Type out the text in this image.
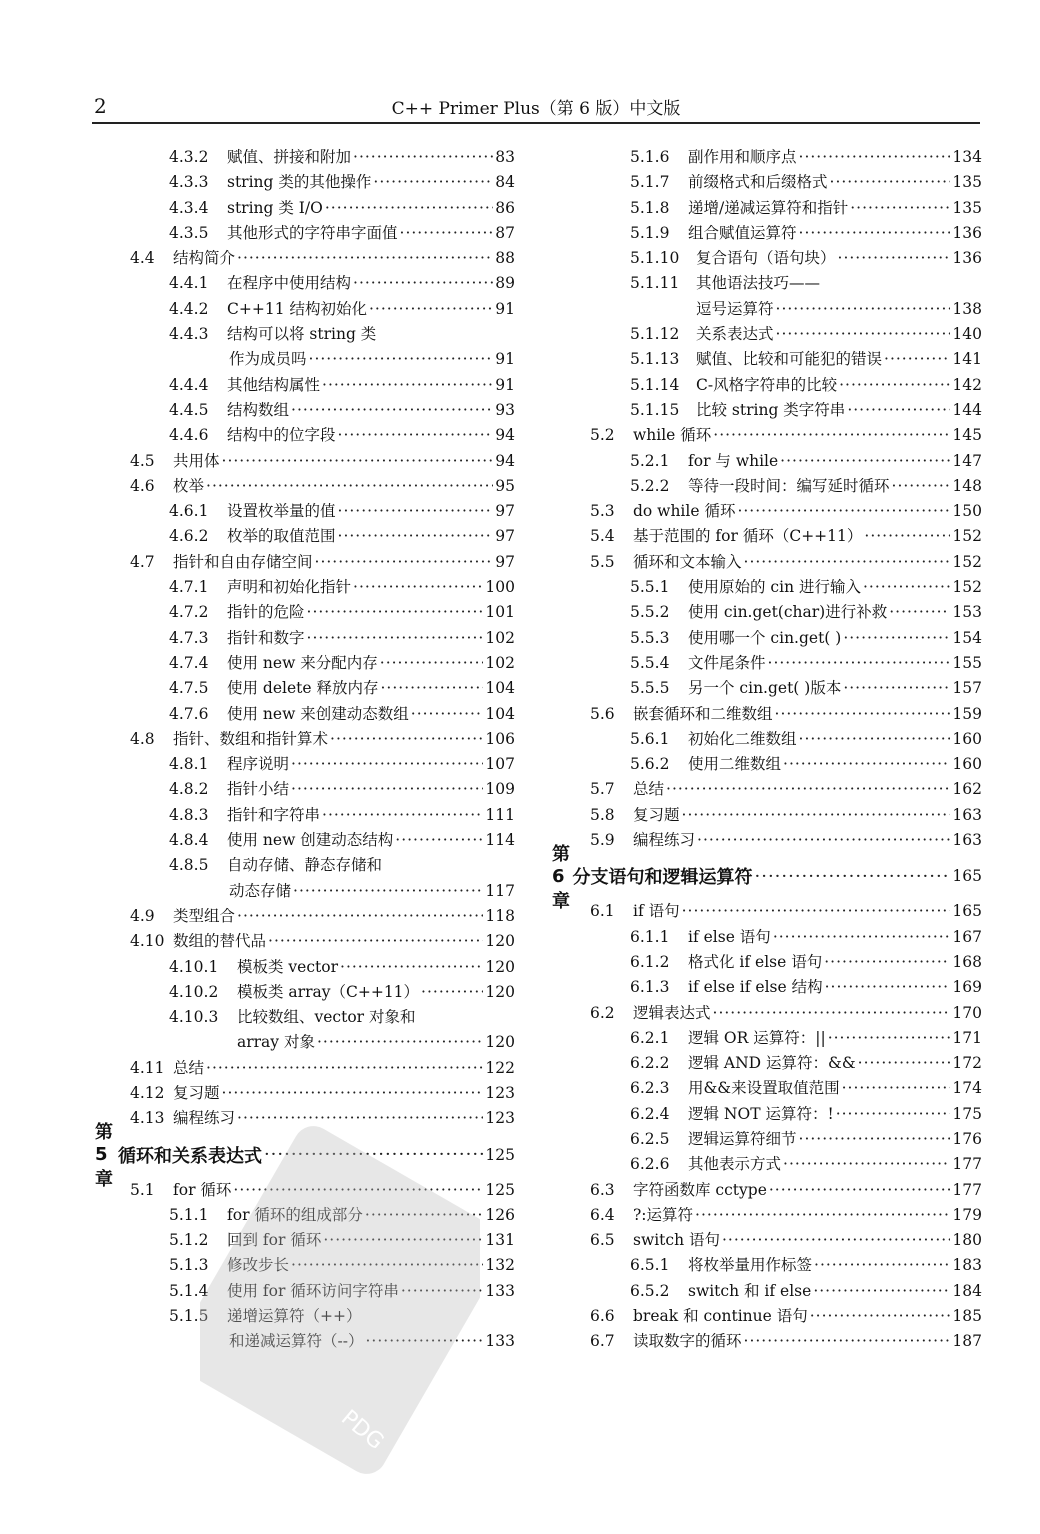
2	C++ Primer Plus（第 6 版）中文版
4.3.2	赋值、拼接和附加 ·····	83
4.3.3	string 类的其他操作 ·····	84
4.3.4	string 类 I/O ·····	86
4.3.5	其他形式的字符串字面值 ·····	87
4.4	结构简介 ·····	88
4.4.1	在程序中使用结构 ·····	89
4.4.2	C++11 结构初始化 ·····	91
4.4.3	结构可以将 string 类
作为成员吗 ·····	91
4.4.4	其他结构属性 ·····	91
4.4.5	结构数组 ·····	93
4.4.6	结构中的位字段 ·····	94
4.5	共用体 ·····	94
4.6	枚举 ·····	95
4.6.1	设置枚举量的值 ·····	97
4.6.2	枚举的取值范围 ·····	97
4.7	指针和自由存储空间 ·····	97
4.7.1	声明和初始化指针 ·····	100
4.7.2	指针的危险 ·····	101
4.7.3	指针和数字 ·····	102
4.7.4	使用 new 来分配内存 ·····	102
4.7.5	使用 delete 释放内存 ·····	104
4.7.6	使用 new 来创建动态数组 ·····	104
4.8	指针、数组和指针算术 ·····	106
4.8.1	程序说明 ·····	107
4.8.2	指针小结 ·····	109
4.8.3	指针和字符串 ·····	111
4.8.4	使用 new 创建动态结构 ·····	114
4.8.5	自动存储、静态存储和
动态存储 ·····	117
4.9	类型组合 ·····	118
4.10 数组的替代品 ·····	120
4.10.1	模板类 vector ·····	120
4.10.2	模板类 array（C++11） ·····	120
4.10.3	比较数组、vector 对象和
array 对象 ·····	120
4.11 总结 ·····	122
4.12 复习题 ·····	123
4.13 编程练习 ·····	123
第 5 章
循环和关系表达式 ·····	125
5.1	for 循环 ·····	125
5.1.1	for 循环的组成部分 ·····	126
5.1.2	回到 for 循环 ·····	131
5.1.3	修改步长 ·····	132
5.1.4	使用 for 循环访问字符串 ·····	133
5.1.5	递增运算符（++）
和递减运算符（--） ·····	133
5.1.6	副作用和顺序点 ·····	134
5.1.7	前缀格式和后缀格式 ·····	135
5.1.8	递增/递减运算符和指针 ·····	135
5.1.9	组合赋值运算符 ·····	136
5.1.10	复合语句（语句块） ·····	136
5.1.11	其他语法技巧——
逗号运算符 ·····	138
5.1.12	关系表达式 ·····	140
5.1.13	赋值、比较和可能犯的错误 ·····	141
5.1.14	C-风格字符串的比较 ·····	142
5.1.15	比较 string 类字符串 ·····	144
5.2	while 循环 ·····	145
5.2.1	for 与 while ·····	147
5.2.2	等待一段时间：编写延时循环 ·····	148
5.3	do while 循环 ·····	150
5.4	基于范围的 for 循环（C++11） ·····	152
5.5	循环和文本输入 ·····	152
5.5.1	使用原始的 cin 进行输入 ·····	152
5.5.2	使用 cin.get(char)进行补救 ·····	153
5.5.3	使用哪一个 cin.get( ) ·····	154
5.5.4	文件尾条件 ·····	155
5.5.5	另一个 cin.get( )版本 ·····	157
5.6	嵌套循环和二维数组 ·····	159
5.6.1	初始化二维数组 ·····	160
5.6.2	使用二维数组 ·····	160
5.7	总结 ·····	162
5.8	复习题 ·····	163
5.9	编程练习 ·····	163
第 6 章
分支语句和逻辑运算符 ·····	165
6.1	if 语句 ·····	165
6.1.1	if else 语句 ·····	167
6.1.2	格式化 if else 语句 ·····	168
6.1.3	if else if else 结构 ·····	169
6.2	逻辑表达式 ·····	170
6.2.1	逻辑 OR 运算符：|| ·····	171
6.2.2	逻辑 AND 运算符：&& ·····	172
6.2.3	用&&来设置取值范围 ·····	174
6.2.4	逻辑 NOT 运算符：! ·····	175
6.2.5	逻辑运算符细节 ·····	176
6.2.6	其他表示方式 ·····	177
6.3	字符函数库 cctype ·····	177
6.4	?:运算符 ·····	179
6.5	switch 语句 ·····	180
6.5.1	将枚举量用作标签 ·····	183
6.5.2	switch 和 if else ·····	184
6.6	break 和 continue 语句 ·····	185
6.7	读取数字的循环 ·····	187
PDG
